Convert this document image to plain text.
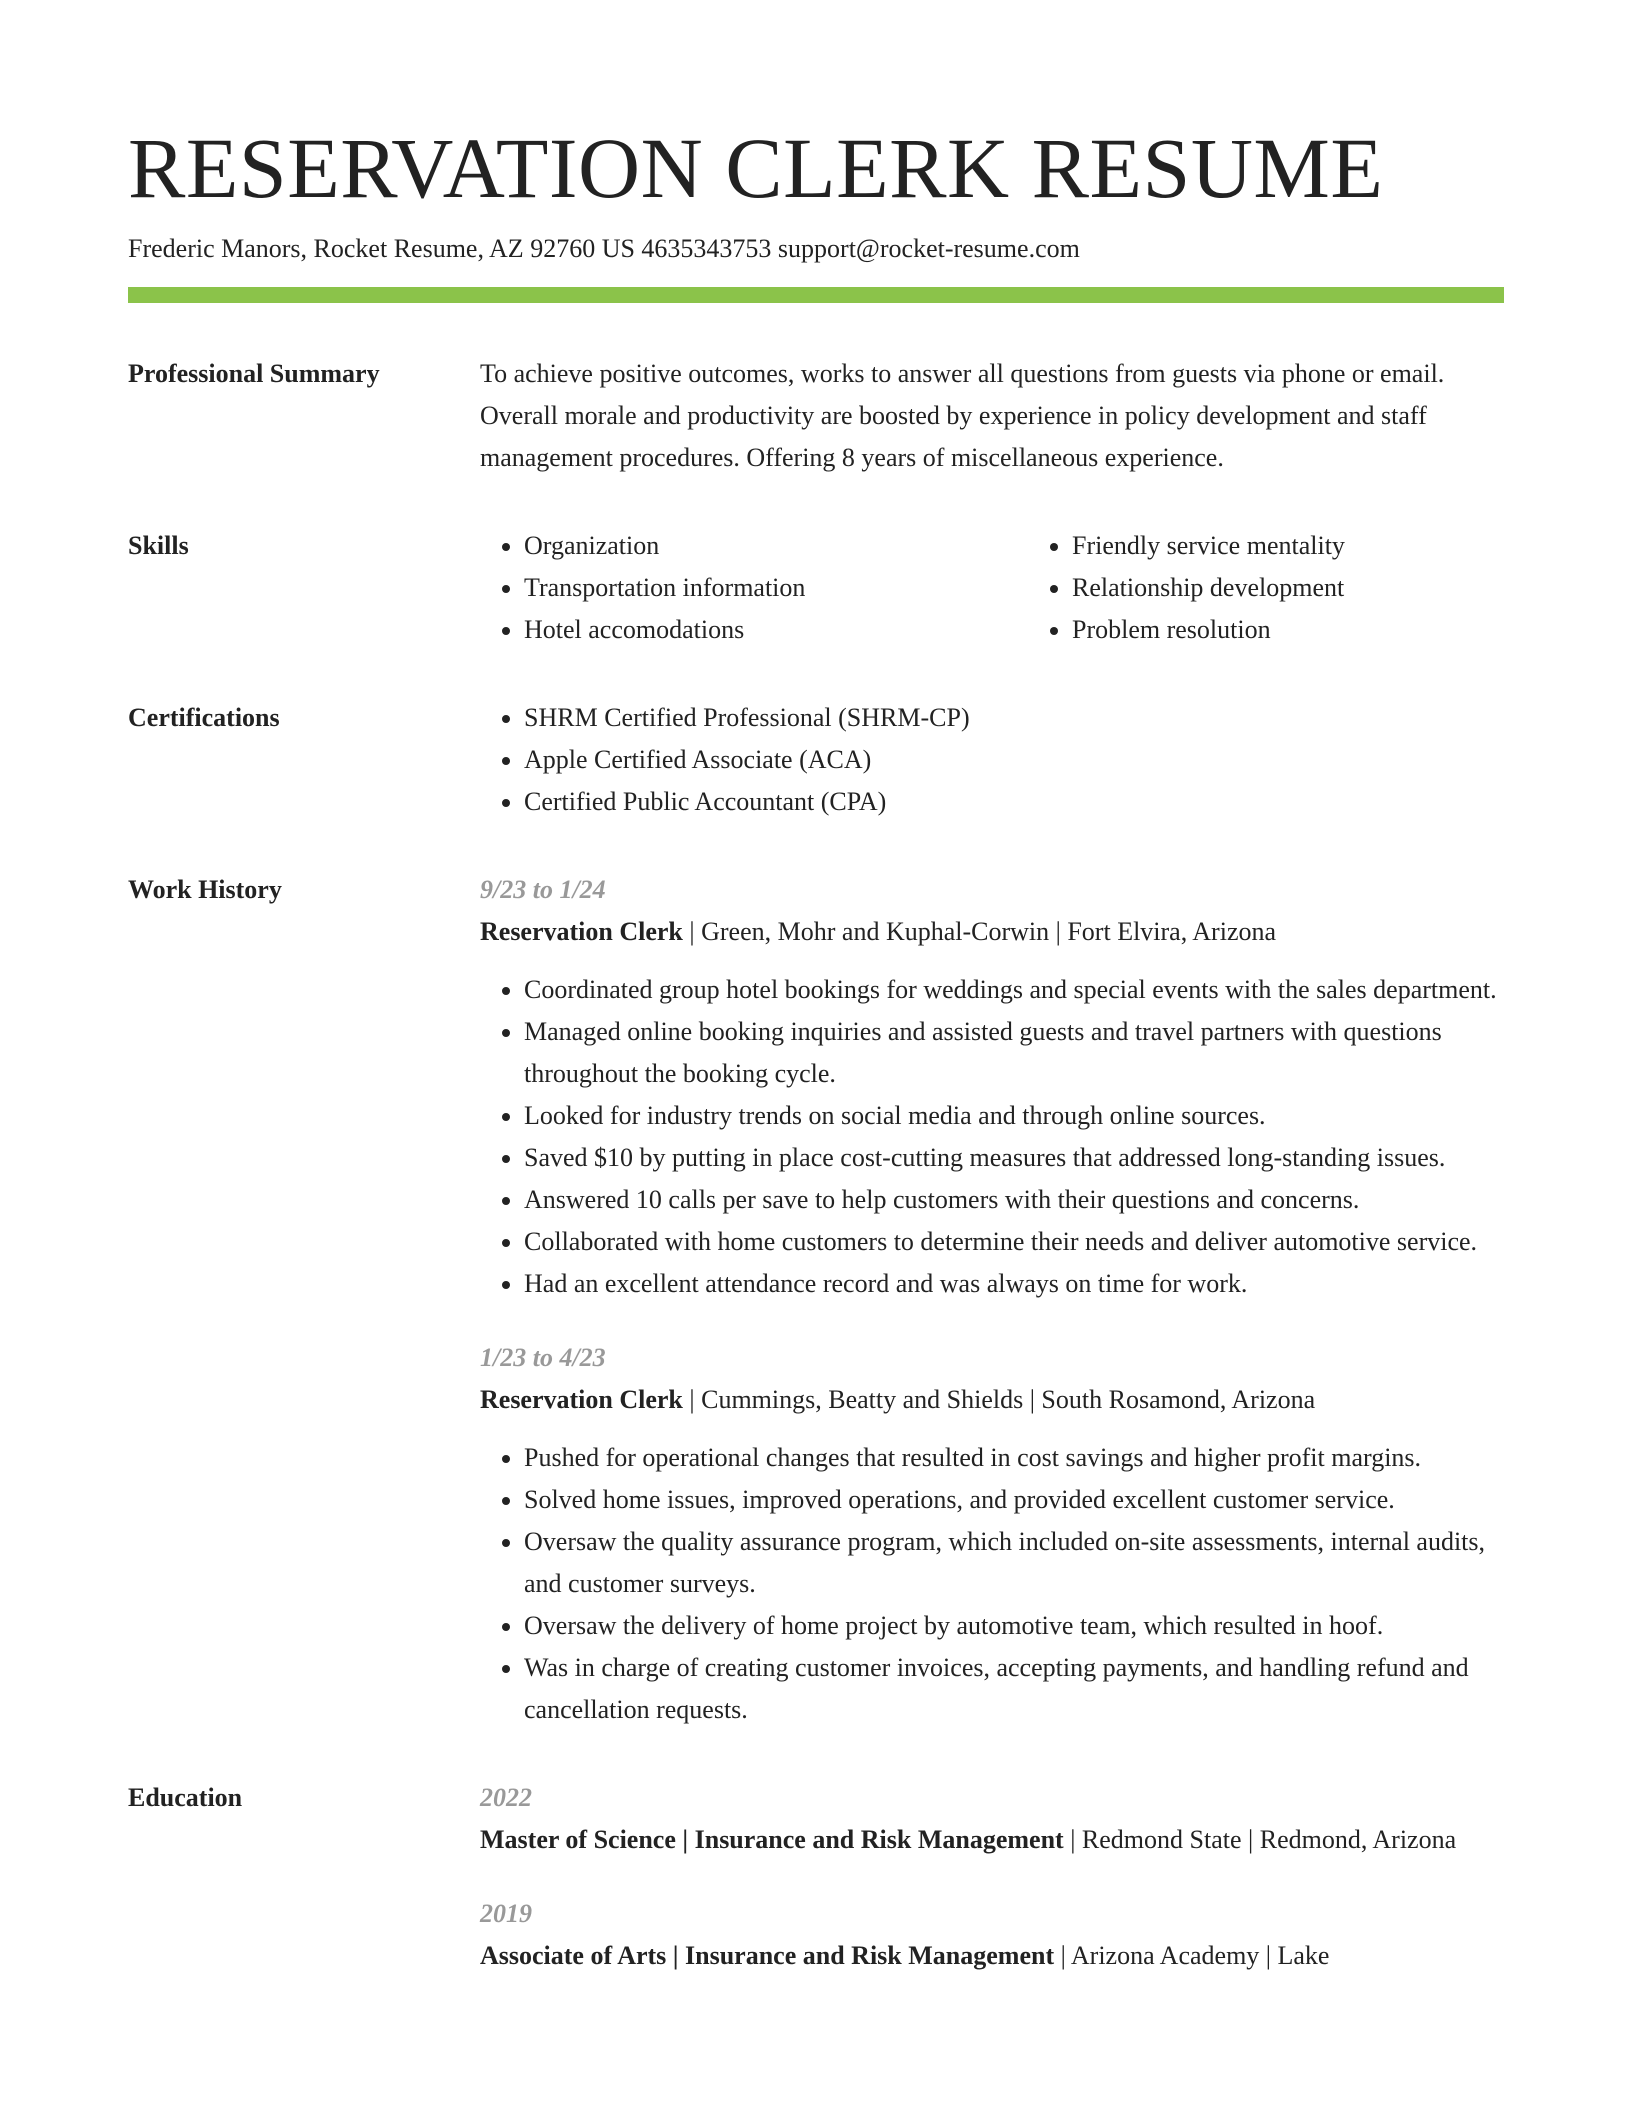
RESERVATION CLERK RESUME
Frederic Manors, Rocket Resume, AZ 92760 US 4635343753 support@rocket-resume.com
Professional Summary	To achieve positive outcomes, works to answer all questions from guests via phone or email. Overall morale and productivity are boosted by experience in policy development and staff management procedures. Offering 8 years of miscellaneous experience.

Skills	• Organization
• Transportation information
• Hotel accomodations
• Friendly service mentality
• Relationship development
• Problem resolution
Certifications	• SHRM Certified Professional (SHRM-CP)
• Apple Certified Associate (ACA)
• Certified Public Accountant (CPA)
Work History	9/23 to 1/24
Reservation Clerk | Green, Mohr and Kuphal-Corwin | Fort Elvira, Arizona
• Coordinated group hotel bookings for weddings and special events with the sales department.
• Managed online booking inquiries and assisted guests and travel partners with questions throughout the booking cycle.
• Looked for industry trends on social media and through online sources.
• Saved $10 by putting in place cost-cutting measures that addressed long-standing issues.
• Answered 10 calls per save to help customers with their questions and concerns.
• Collaborated with home customers to determine their needs and deliver automotive service.
• Had an excellent attendance record and was always on time for work.
1/23 to 4/23
Reservation Clerk | Cummings, Beatty and Shields | South Rosamond, Arizona
• Pushed for operational changes that resulted in cost savings and higher profit margins.
• Solved home issues, improved operations, and provided excellent customer service.
• Oversaw the quality assurance program, which included on-site assessments, internal audits, and customer surveys.
• Oversaw the delivery of home project by automotive team, which resulted in hoof.
• Was in charge of creating customer invoices, accepting payments, and handling refund and cancellation requests.
Education	2022
Master of Science | Insurance and Risk Management | Redmond State | Redmond, Arizona
2019
Associate of Arts | Insurance and Risk Management | Arizona Academy | Lake
